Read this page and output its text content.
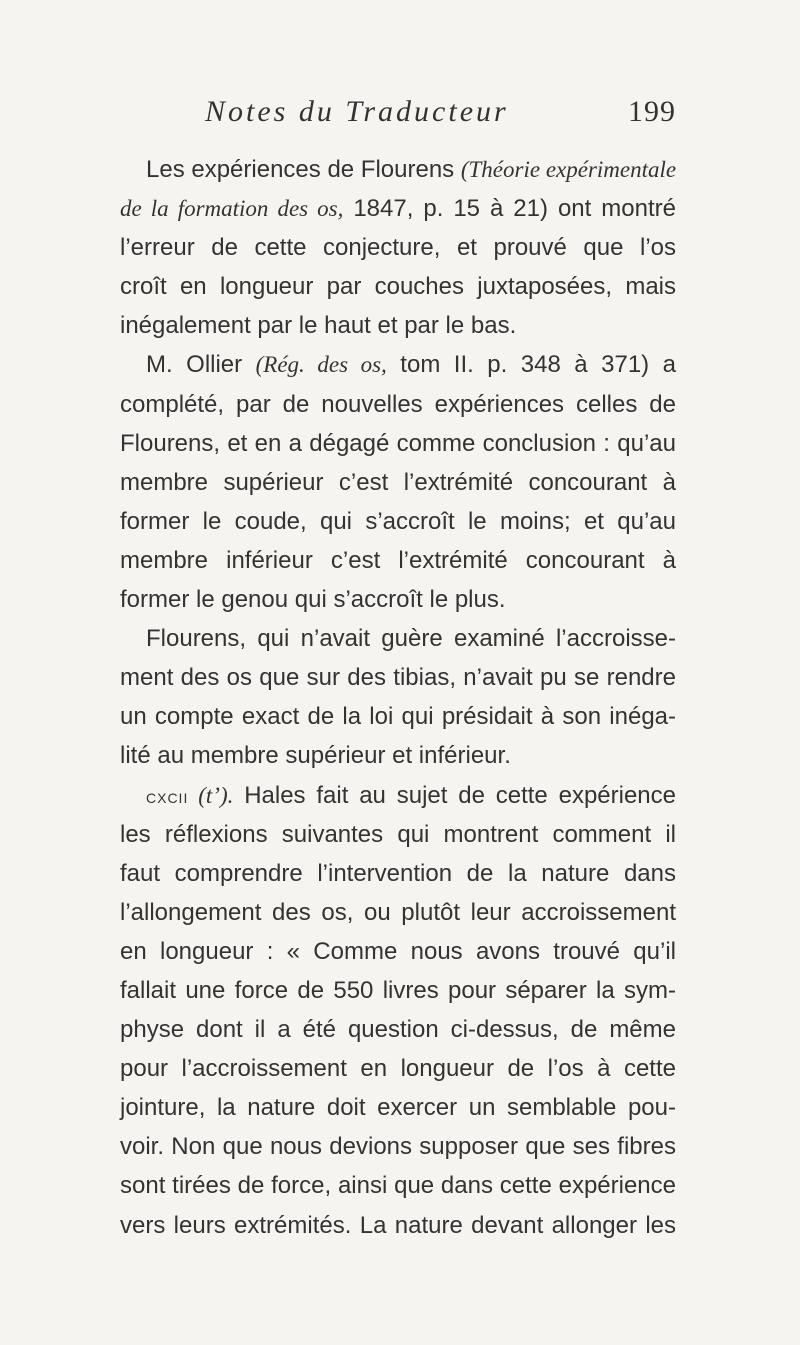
Notes du Traducteur	199
Les expériences de Flourens (Théorie expérimentale
de la formation des os, 1847, p. 15 à 21) ont montré
l’erreur de cette conjecture, et prouvé que l’os
croît en longueur par couches juxtaposées, mais
inégalement par le haut et par le bas.
M. Ollier (Rég. des os, tom II. p. 348 à 371) a
complété, par de nouvelles expériences celles de
Flourens, et en a dégagé comme conclusion : qu’au
membre supérieur c’est l’extrémité concourant à
former le coude, qui s’accroît le moins; et qu’au
membre inférieur c’est l’extrémité concourant à
former le genou qui s’accroît le plus.
Flourens, qui n’avait guère examiné l’accroisse-
ment des os que sur des tibias, n’avait pu se rendre
un compte exact de la loi qui présidait à son inéga-
lité au membre supérieur et inférieur.
cxcii (t’). Hales fait au sujet de cette expérience
les réflexions suivantes qui montrent comment il
faut comprendre l’intervention de la nature dans
l’allongement des os, ou plutôt leur accroissement
en longueur : « Comme nous avons trouvé qu’il
fallait une force de 550 livres pour séparer la sym-
physe dont il a été question ci-dessus, de même
pour l’accroissement en longueur de l’os à cette
jointure, la nature doit exercer un semblable pou-
voir. Non que nous devions supposer que ses fibres
sont tirées de force, ainsi que dans cette expérience
vers leurs extrémités. La nature devant allonger les
